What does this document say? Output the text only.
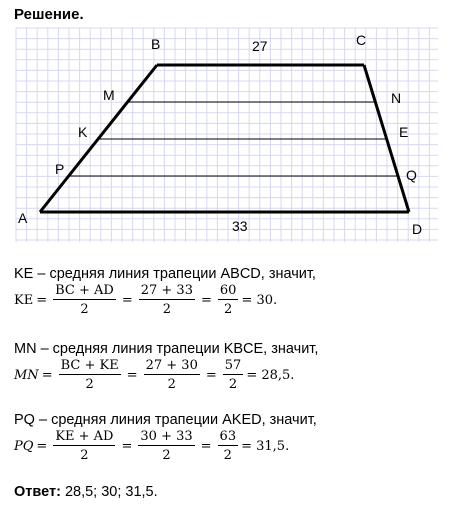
Решение.
B	C
M	N
K	E
P	Q
A
D
27
33
KE – средняя линия трапеции ABCD, значит,
KE = $\frac{BC + AD}{2} = \frac{27 + 33}{2} = \frac{60}{2} = 30$.
MN – средняя линия трапеции KBCE, значит,
MN = $\frac{BC + KE}{2} = \frac{27 + 30}{2} = \frac{57}{2} = 28,5$.
PQ – средняя линия трапеции AKED, значит,
PQ = $\frac{KE + AD}{2} = \frac{30 + 33}{2} = \frac{63}{2} = 31,5$.
Ответ: 28,5; 30; 31,5.
